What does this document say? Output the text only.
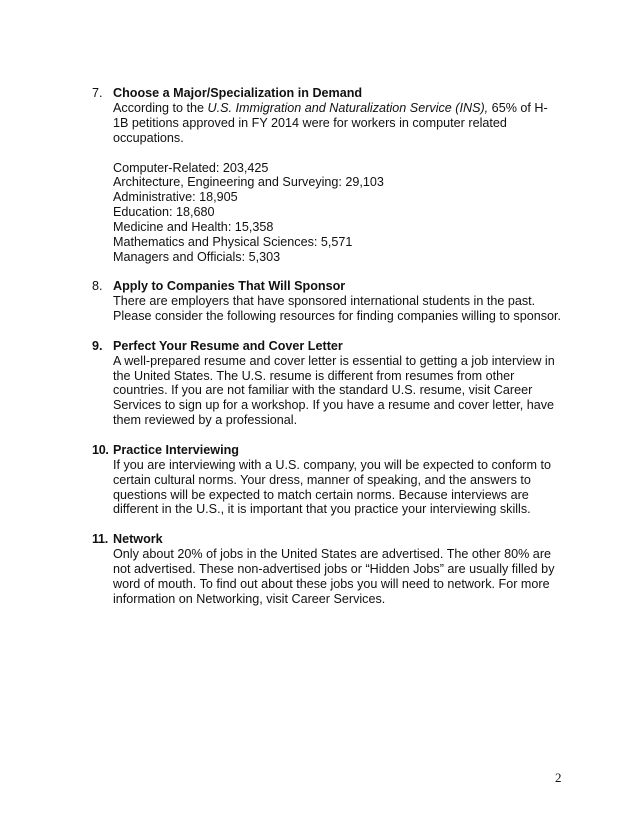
7. Choose a Major/Specialization in Demand

According to the U.S. Immigration and Naturalization Service (INS), 65% of H-1B petitions approved in FY 2014 were for workers in computer related occupations.

Computer-Related: 203,425
Architecture, Engineering and Surveying: 29,103
Administrative: 18,905
Education: 18,680
Medicine and Health: 15,358
Mathematics and Physical Sciences: 5,571
Managers and Officials: 5,303
8. Apply to Companies That Will Sponsor

There are employers that have sponsored international students in the past. Please consider the following resources for finding companies willing to sponsor.

9. Perfect Your Resume and Cover Letter

A well-prepared resume and cover letter is essential to getting a job interview in the United States. The U.S. resume is different from resumes from other countries. If you are not familiar with the standard U.S. resume, visit Career Services to sign up for a workshop. If you have a resume and cover letter, have them reviewed by a professional.

10. Practice Interviewing

If you are interviewing with a U.S. company, you will be expected to conform to certain cultural norms. Your dress, manner of speaking, and the answers to questions will be expected to match certain norms. Because interviews are different in the U.S., it is important that you practice your interviewing skills.

11. Network

Only about 20% of jobs in the United States are advertised. The other 80% are not advertised. These non-advertised jobs or “Hidden Jobs” are usually filled by word of mouth. To find out about these jobs you will need to network. For more information on Networking, visit Career Services.

2
